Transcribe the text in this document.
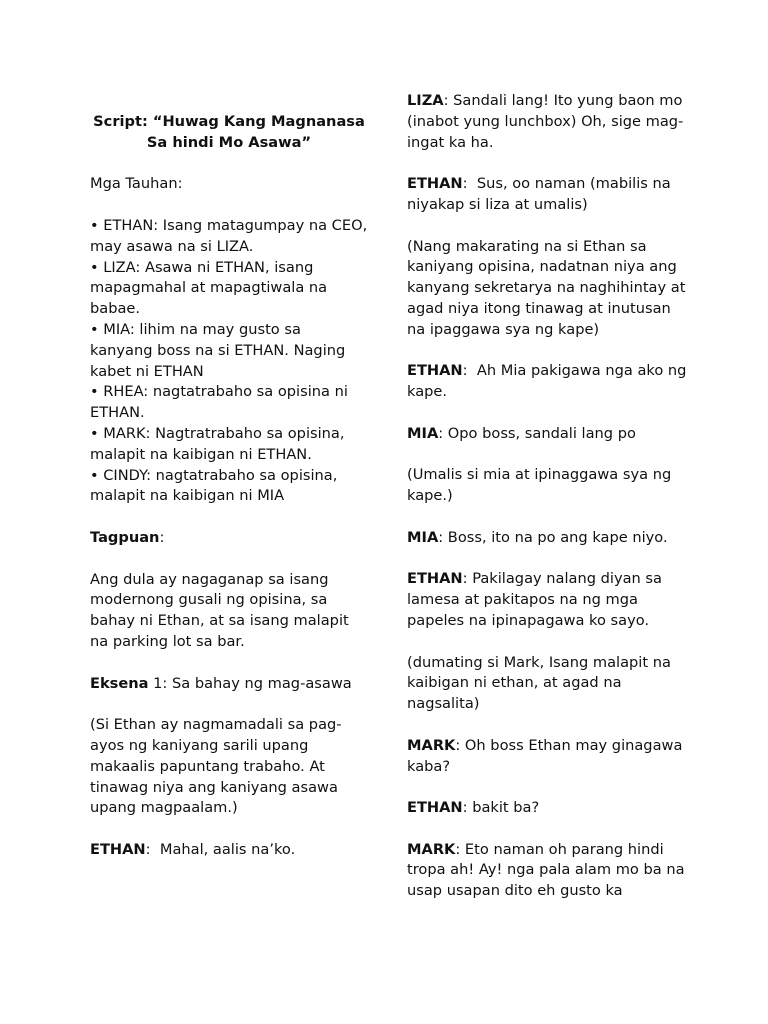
Script: “Huwag Kang Magnanasa Sa hindi Mo Asawa”
Mga Tauhan:
• ETHAN: Isang matagumpay na CEO, may asawa na si LIZA.
• LIZA: Asawa ni ETHAN, isang mapagmahal at mapagtiwala na babae.
• MIA: lihim na may gusto sa kanyang boss na si ETHAN. Naging kabet ni ETHAN
• RHEA: nagtatrabaho sa opisina ni ETHAN.
• MARK: Nagtratrabaho sa opisina, malapit na kaibigan ni ETHAN.
• CINDY: nagtatrabaho sa opisina, malapit na kaibigan ni MIA
Tagpuan:
Ang dula ay nagaganap sa isang modernong gusali ng opisina, sa bahay ni Ethan, at sa isang malapit na parking lot sa bar.
Eksena 1: Sa bahay ng mag-asawa
(Si Ethan ay nagmamadali sa pag-ayos ng kaniyang sarili upang makaalis papuntang trabaho. At tinawag niya ang kaniyang asawa upang magpaalam.)
ETHAN:  Mahal, aalis na’ko.
LIZA: Sandali lang! Ito yung baon mo (inabot yung lunchbox) Oh, sige mag-ingat ka ha.
ETHAN:  Sus, oo naman (mabilis na niyakap si liza at umalis)
(Nang makarating na si Ethan sa kaniyang opisina, nadatnan niya ang kanyang sekretarya na naghihintay at agad niya itong tinawag at inutusan na ipaggawa sya ng kape)
ETHAN:  Ah Mia pakigawa nga ako ng kape.
MIA: Opo boss, sandali lang po
(Umalis si mia at ipinaggawa sya ng kape.)
MIA: Boss, ito na po ang kape niyo.
ETHAN: Pakilagay nalang diyan sa lamesa at pakitapos na ng mga papeles na ipinapagawa ko sayo.
(dumating si Mark, Isang malapit na kaibigan ni ethan, at agad na nagsalita)
MARK: Oh boss Ethan may ginagawa kaba?
ETHAN: bakit ba?
MARK: Eto naman oh parang hindi tropa ah! Ay! nga pala alam mo ba na usap usapan dito eh gusto ka
